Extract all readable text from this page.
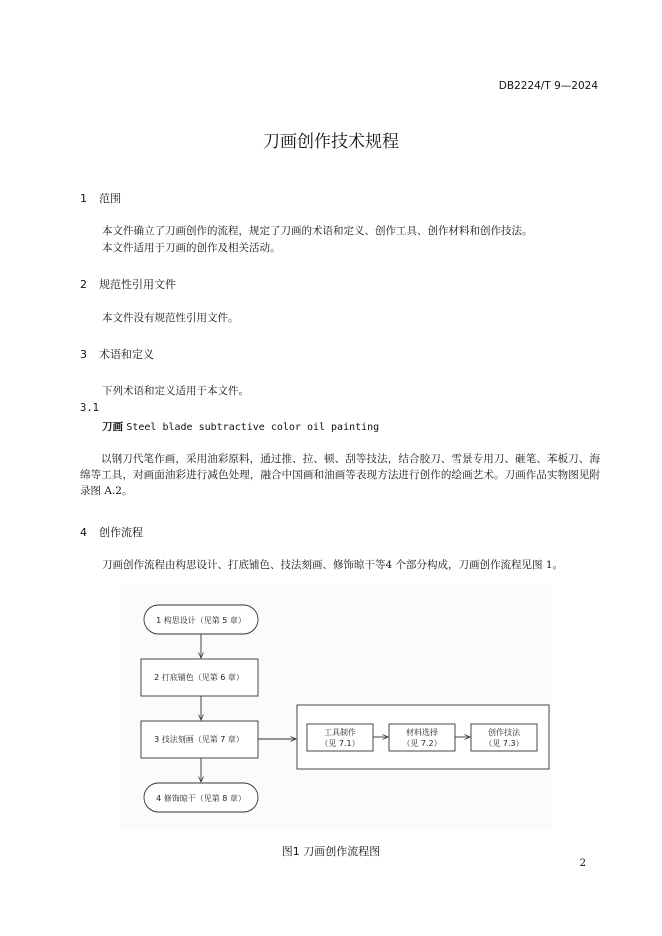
DB2224/T 9—2024
刀画创作技术规程
1 范围
本文件确立了刀画创作的流程，规定了刀画的术语和定义、创作工具、创作材料和创作技法。
本文件适用于刀画的创作及相关活动。
2 规范性引用文件
本文件没有规范性引用文件。
3 术语和定义
下列术语和定义适用于本文件。
3.1
刀画 Steel blade subtractive color oil painting
以钢刀代笔作画，采用油彩原料，通过推、拉、顿、刮等技法，结合胶刀、雪景专用刀、砸笔、苯板刀、海绵等工具，对画面油彩进行减色处理，融合中国画和油画等表现方法进行创作的绘画艺术。刀画作品实物图见附录图 A.2。
4 创作流程
刀画创作流程由构思设计、打底铺色、技法刻画、修饰晾干等4 个部分构成，刀画创作流程见图 1。
1 构思设计（见第 5 章）
2 打底铺色（见第 6 章）
3 技法刻画（见第 7 章）
工具制作
（见 7.1）
材料选择
（见 7.2）
创作技法
（见 7.3）
4 修饰晾干（见第 8 章）
图1 刀画创作流程图
2
